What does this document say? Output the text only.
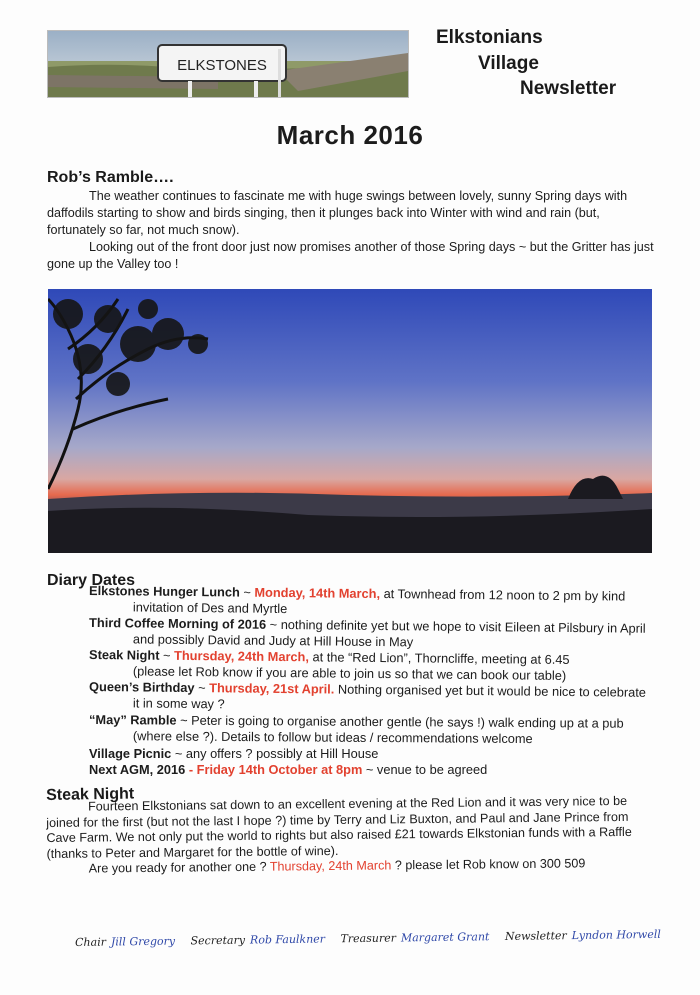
ELKSTONES
Elkstonians
Village
Newsletter
March 2016
Rob’s Ramble….
The weather continues to fascinate me with huge swings between lovely, sunny Spring days with daffodils starting to show and birds singing, then it plunges back into Winter with wind and rain (but, fortunately so far, not much snow).
Looking out of the front door just now promises another of those Spring days ~ but the Gritter has just gone up the Valley too !
Diary Dates
Elkstones Hunger Lunch ~ Monday, 14th March, at Townhead from 12 noon to 2 pm by kind
invitation of Des and Myrtle
Third Coffee Morning of 2016 ~ nothing definite yet but we hope to visit Eileen at Pilsbury in April
and possibly David and Judy at Hill House in May
Steak Night ~ Thursday, 24th March, at the “Red Lion”, Thorncliffe, meeting at 6.45
(please let Rob know if you are able to join us so that we can book our table)
Queen’s Birthday ~ Thursday, 21st April. Nothing organised yet but it would be nice to celebrate
it in some way ?
“May” Ramble ~ Peter is going to organise another gentle (he says !) walk ending up at a pub
(where else ?). Details to follow but ideas / recommendations welcome
Village Picnic ~ any offers ? possibly at Hill House
Next AGM, 2016 - Friday 14th October at 8pm ~ venue to be agreed
Steak Night
Fourteen Elkstonians sat down to an excellent evening at the Red Lion and it was very nice to be
joined for the first (but not the last I hope ?) time by Terry and Liz Buxton, and Paul and Jane Prince from
Cave Farm. We not only put the world to rights but also raised £21 towards Elkstonian funds with a Raffle
(thanks to Peter and Margaret for the bottle of wine).
Are you ready for another one ? Thursday, 24th March ? please let Rob know on 300 509
Chair Jill Gregory Secretary Rob Faulkner Treasurer Margaret Grant Newsletter Lyndon Horwell
